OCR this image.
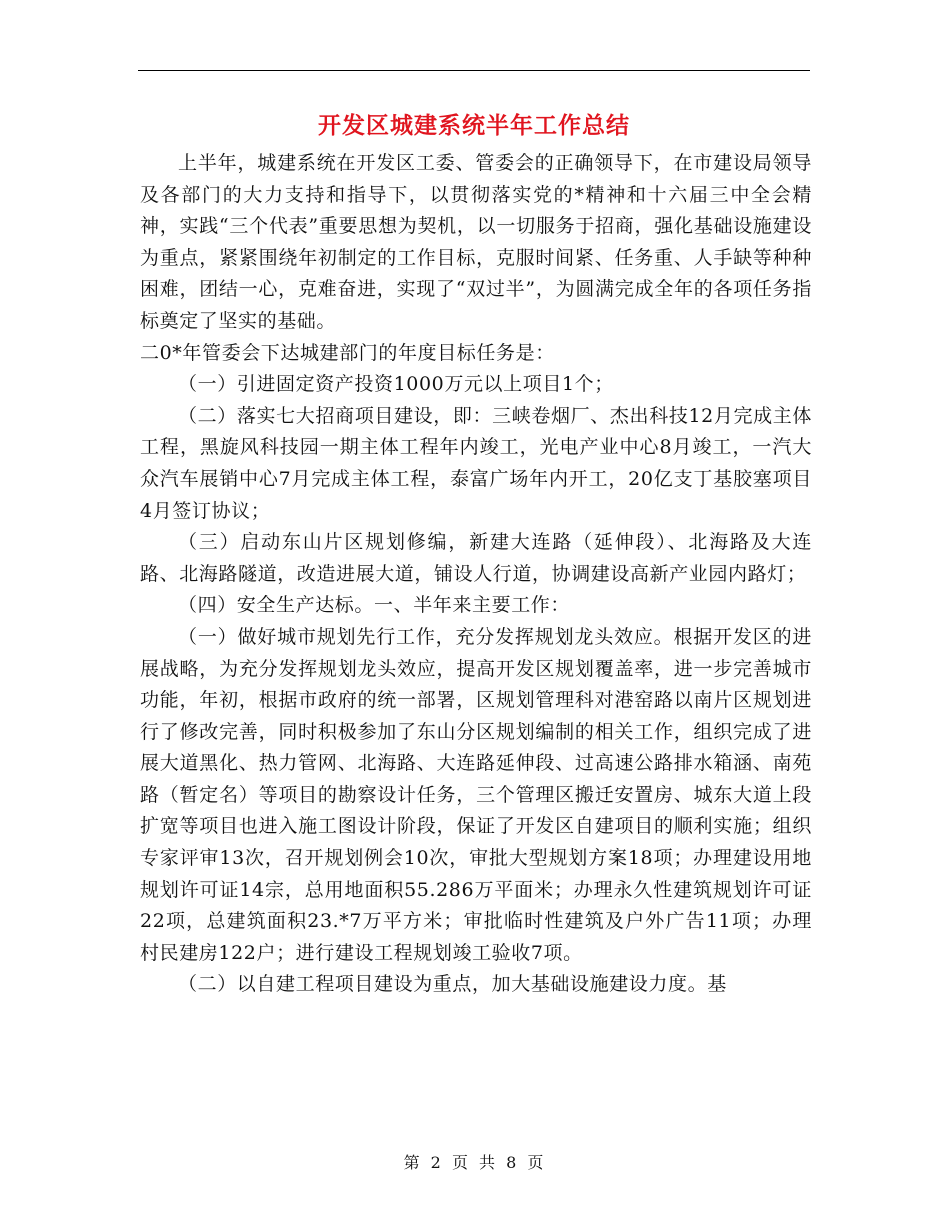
开发区城建系统半年工作总结

上半年，城建系统在开发区工委、管委会的正确领导下，在市建设局领导及各部门的大力支持和指导下，以贯彻落实党的*精神和十六届三中全会精神，实践“三个代表”重要思想为契机，以一切服务于招商，强化基础设施建设为重点，紧紧围绕年初制定的工作目标，克服时间紧、任务重、人手缺等种种困难，团结一心，克难奋进，实现了“双过半”，为圆满完成全年的各项任务指标奠定了坚实的基础。

二0*年管委会下达城建部门的年度目标任务是：

（一）引进固定资产投资1000万元以上项目1个；

（二）落实七大招商项目建设，即：三峡卷烟厂、杰出科技12月完成主体工程，黑旋风科技园一期主体工程年内竣工，光电产业中心8月竣工，一汽大众汽车展销中心7月完成主体工程，泰富广场年内开工，20亿支丁基胶塞项目4月签订协议；

（三）启动东山片区规划修编，新建大连路（延伸段）、北海路及大连路、北海路隧道，改造进展大道，铺设人行道，协调建设高新产业园内路灯；

（四）安全生产达标。一、半年来主要工作：

（一）做好城市规划先行工作，充分发挥规划龙头效应。根据开发区的进展战略，为充分发挥规划龙头效应，提高开发区规划覆盖率，进一步完善城市功能，年初，根据市政府的统一部署，区规划管理科对港窑路以南片区规划进行了修改完善，同时积极参加了东山分区规划编制的相关工作，组织完成了进展大道黑化、热力管网、北海路、大连路延伸段、过高速公路排水箱涵、南苑路（暂定名）等项目的勘察设计任务，三个管理区搬迁安置房、城东大道上段扩宽等项目也进入施工图设计阶段，保证了开发区自建项目的顺利实施；组织专家评审13次，召开规划例会10次，审批大型规划方案18项；办理建设用地规划许可证14宗，总用地面积55.286万平面米；办理永久性建筑规划许可证22项，总建筑面积23.*7万平方米；审批临时性建筑及户外广告11项；办理村民建房122户；进行建设工程规划竣工验收7项。

（二）以自建工程项目建设为重点，加大基础设施建设力度。基

第 2 页 共 8 页
